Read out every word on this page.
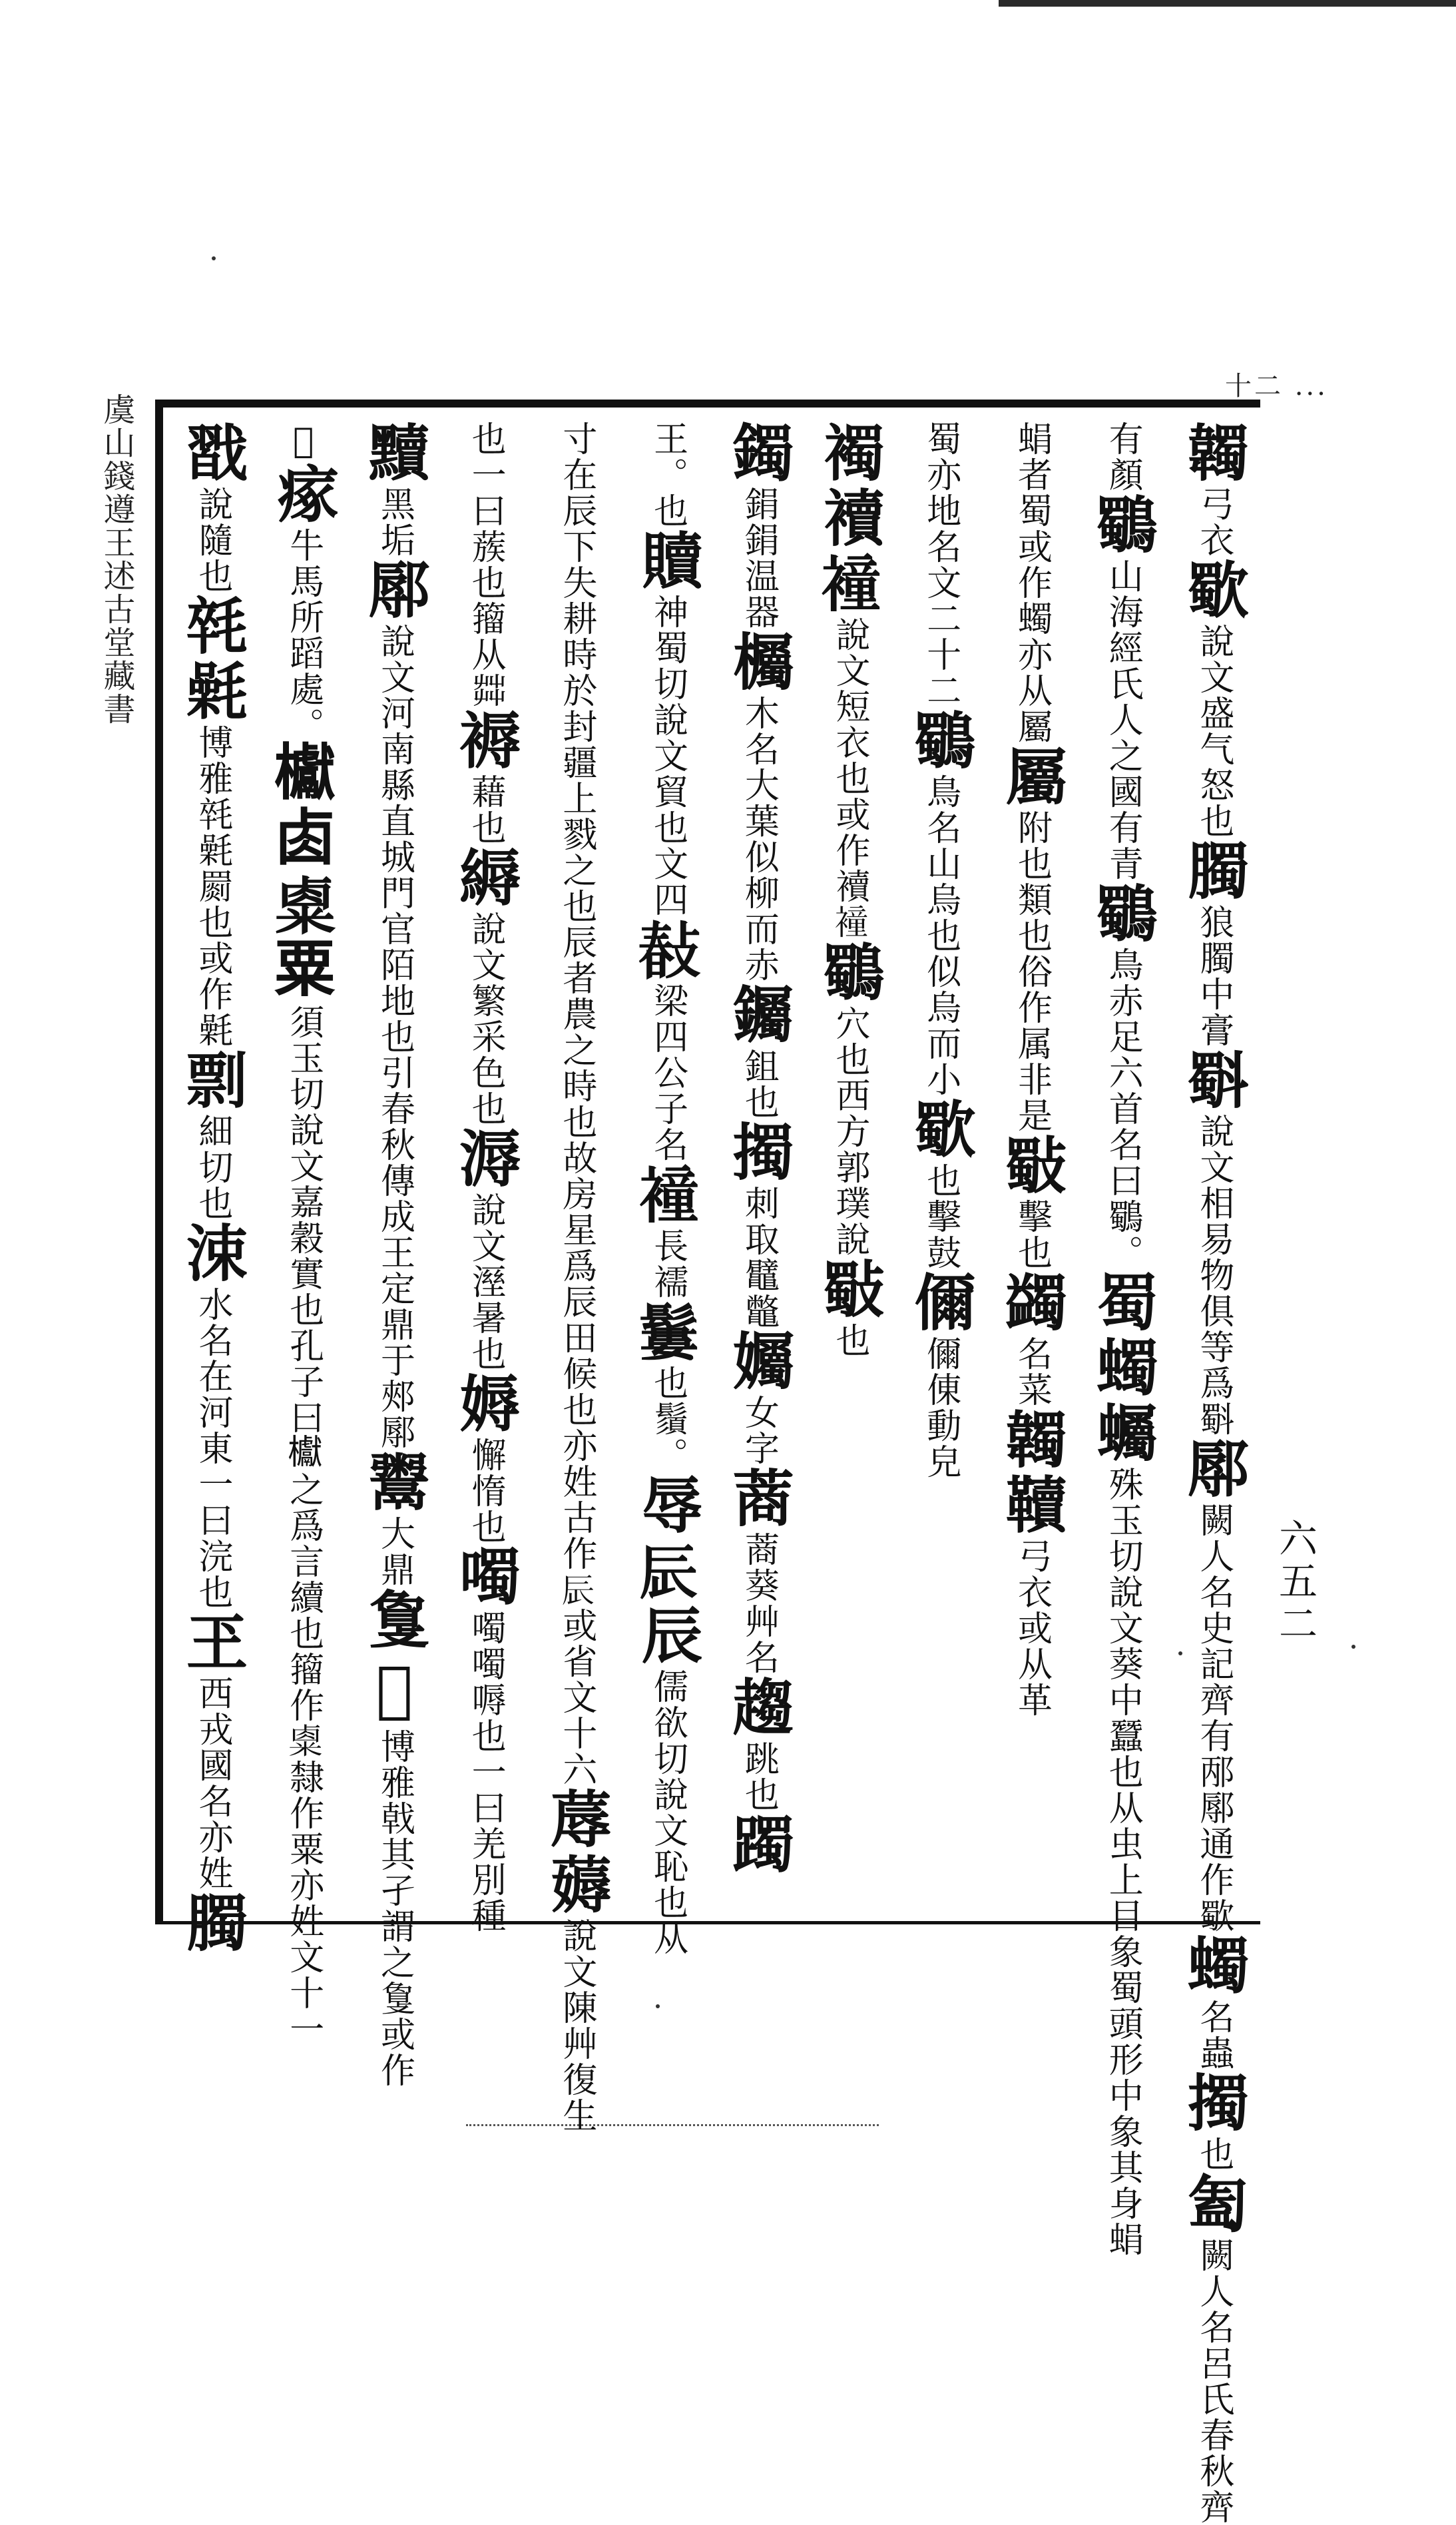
十二 ...
虞山錢遵王述古堂藏書
六五二
韣弓衣歜說文盛气怒也臅狼臅中膏斣說文相易物俱等爲斣鄏闕人名史記齊有邴鄏通作歜蠋名蟲擉也㔩闕人名呂氏春秋齊
有顏鸀山海經氏人之國有青鸀鳥赤足六首名曰鸀。蜀蠋蠾殊玉切說文葵中蠶也从虫上目象蜀頭形中象其身蜎
蜎者蜀或作蠋亦从屬屬附也類也俗作属非是斀擊也蠲名菜韣韇弓衣或从革
蜀亦地名文二十二鸀鳥名山烏也似烏而小歜也擊鼓儞儞倲動皃
襡襩𧝎說文短衣也或作襩𧝎鸀穴也西方郭璞說斀也
鐲鋗鋗温器欘木名大葉似柳而赤钃鉏也擉刺取鼊鼈孎女字蔏蔏葵艸名趨跳也躅
王。也贖神蜀切說文貿也文四𢾎梁四公子名𧝎長襦𩯁也鬚。辱𨑃辰儒欲切說文恥也从
寸在辰下失耕時於封疆上戮之也辰者農之時也故房星爲辰田候也亦姓古作𨑃或省文十六蓐薅說文陳艸復生
也一曰蔟也籀从茻褥藉也縟說文繁采色也溽說文溼暑也媷懈惰也噣噣噣嗕也一曰羌別種
黷黑垢鄏說文河南縣直城門官陌地也引春秋傳成王定鼎于郟鄏鬻大鼎𢿌𢿍博雅戟其孑謂之𢿌或作
𢿍瘃牛馬所蹈處。𣡌𠧪𥻆粟須玉切說文嘉穀實也孔子曰𣡌之爲言續也籀作𥻆隸作粟亦姓文十一
㦻說隨也㲞氉博雅㲞氉罽也或作氉剽細切也涑水名在河東一曰浣也玊西戎國名亦姓臅
